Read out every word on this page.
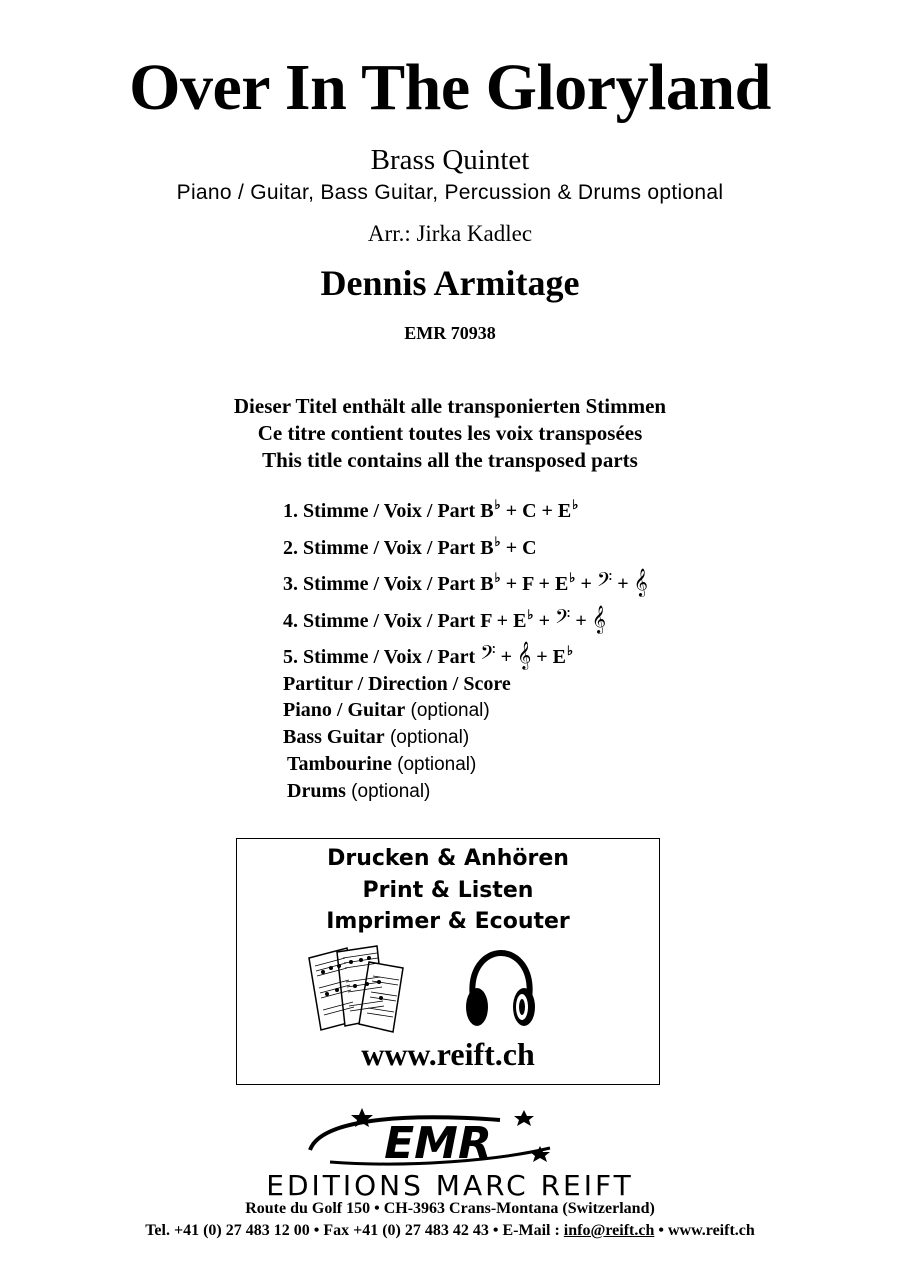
Over In The Gloryland
Brass Quintet
Piano / Guitar, Bass Guitar, Percussion & Drums optional
Arr.: Jirka Kadlec
Dennis Armitage
EMR 70938
Dieser Titel enthält alle transponierten Stimmen
Ce titre contient toutes les voix transposées
This title contains all the transposed parts
1. Stimme / Voix / Part B♭ + C + E♭
2. Stimme / Voix / Part B♭ + C
3. Stimme / Voix / Part B♭ + F + E♭ + 𝄢 + 𝄞
4. Stimme / Voix / Part F + E♭ + 𝄢 + 𝄞
5. Stimme / Voix / Part 𝄢 + 𝄞 + E♭
Partitur / Direction / Score
Piano / Guitar (optional)
Bass Guitar (optional)
Tambourine (optional)
Drums (optional)
Drucken & Anhören
Print & Listen
Imprimer & Ecouter
www.reift.ch
EMR
EDITIONS MARC REIFT
Route du Golf 150 • CH-3963 Crans-Montana (Switzerland)
Tel. +41 (0) 27 483 12 00 • Fax +41 (0) 27 483 42 43 • E-Mail : info@reift.ch • www.reift.ch
